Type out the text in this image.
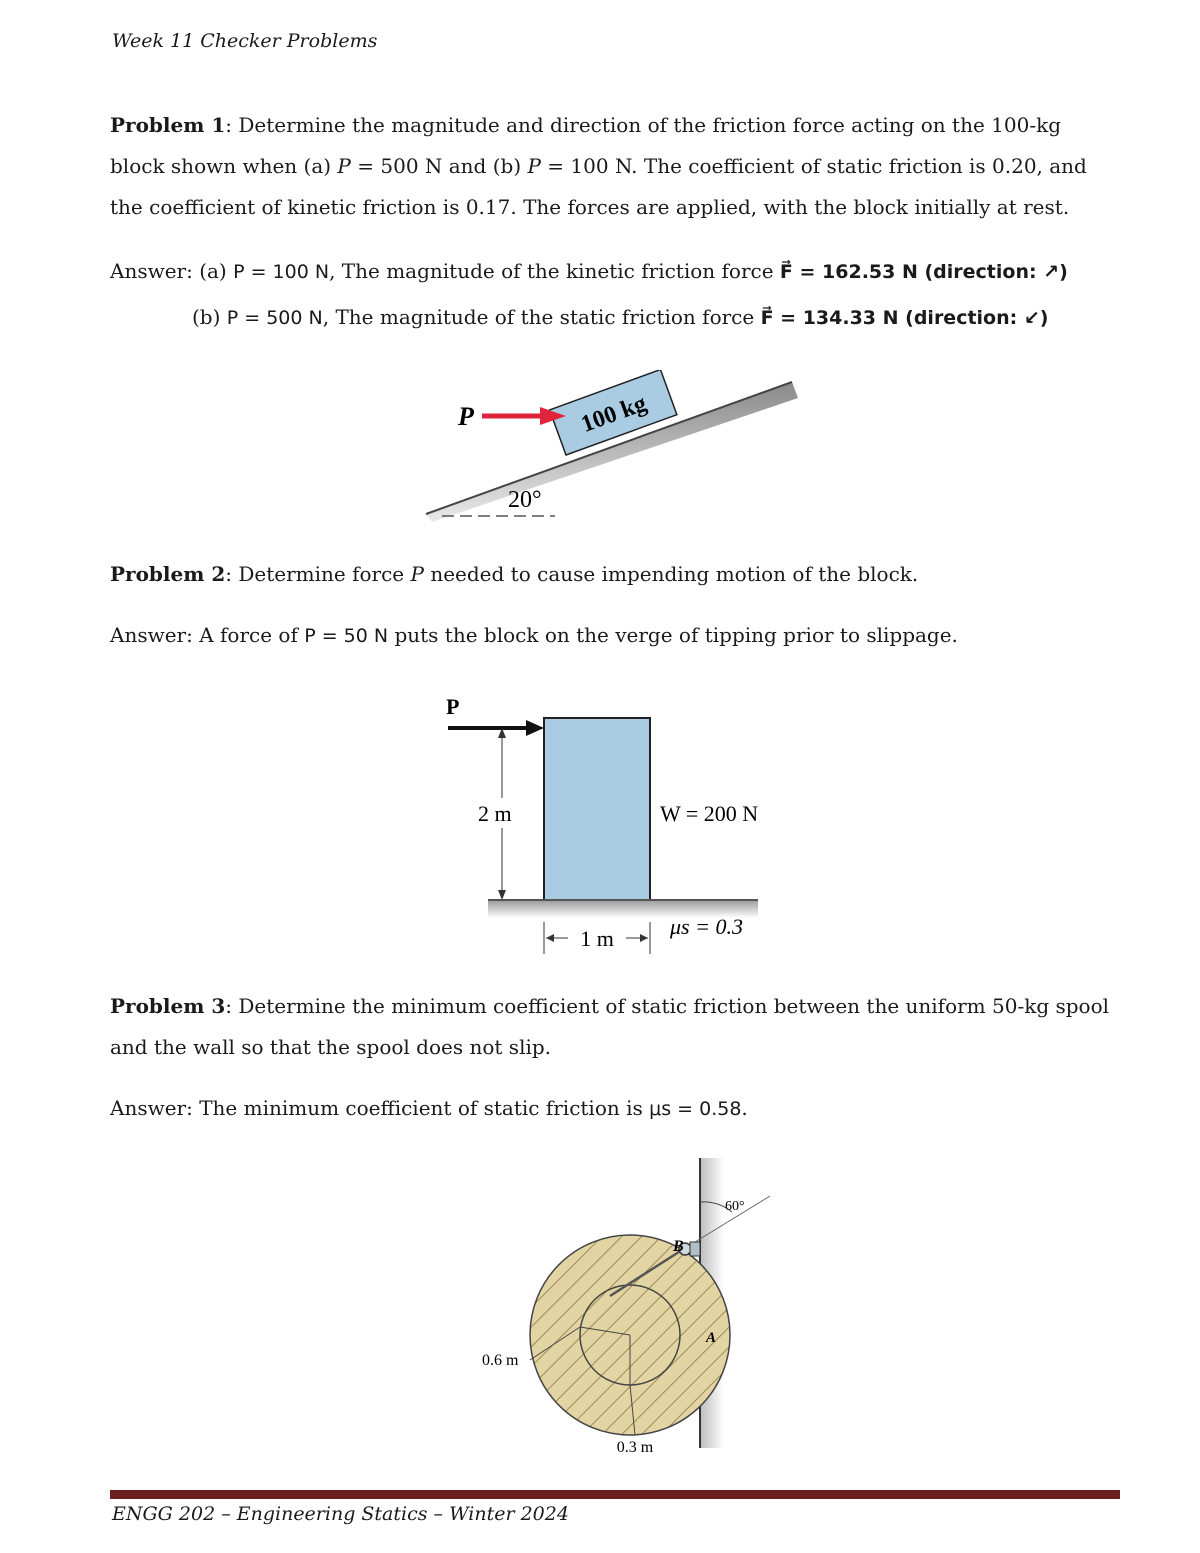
Week 11 Checker Problems
Problem 1: Determine the magnitude and direction of the friction force acting on the 100-kg block shown when (a) P = 500 N and (b) P = 100 N. The coefficient of static friction is 0.20, and the coefficient of kinetic friction is 0.17. The forces are applied, with the block initially at rest.
Answer: (a) P = 100 N, The magnitude of the kinetic friction force F⃗ = 162.53 N (direction: ↗)
(b) P = 500 N, The magnitude of the static friction force F⃗ = 134.33 N (direction: ↙)
20°
100 kg
P
Problem 2: Determine force P needed to cause impending motion of the block.
Answer: A force of P = 50 N puts the block on the verge of tipping prior to slippage.
P
2 m	W = 200 N
1 m	μs = 0.3
Problem 3: Determine the minimum coefficient of static friction between the uniform 50-kg spool and the wall so that the spool does not slip.
Answer: The minimum coefficient of static friction is μs = 0.58.
60°
B
A
0.6 m
0.3 m
ENGG 202 – Engineering Statics – Winter 2024
